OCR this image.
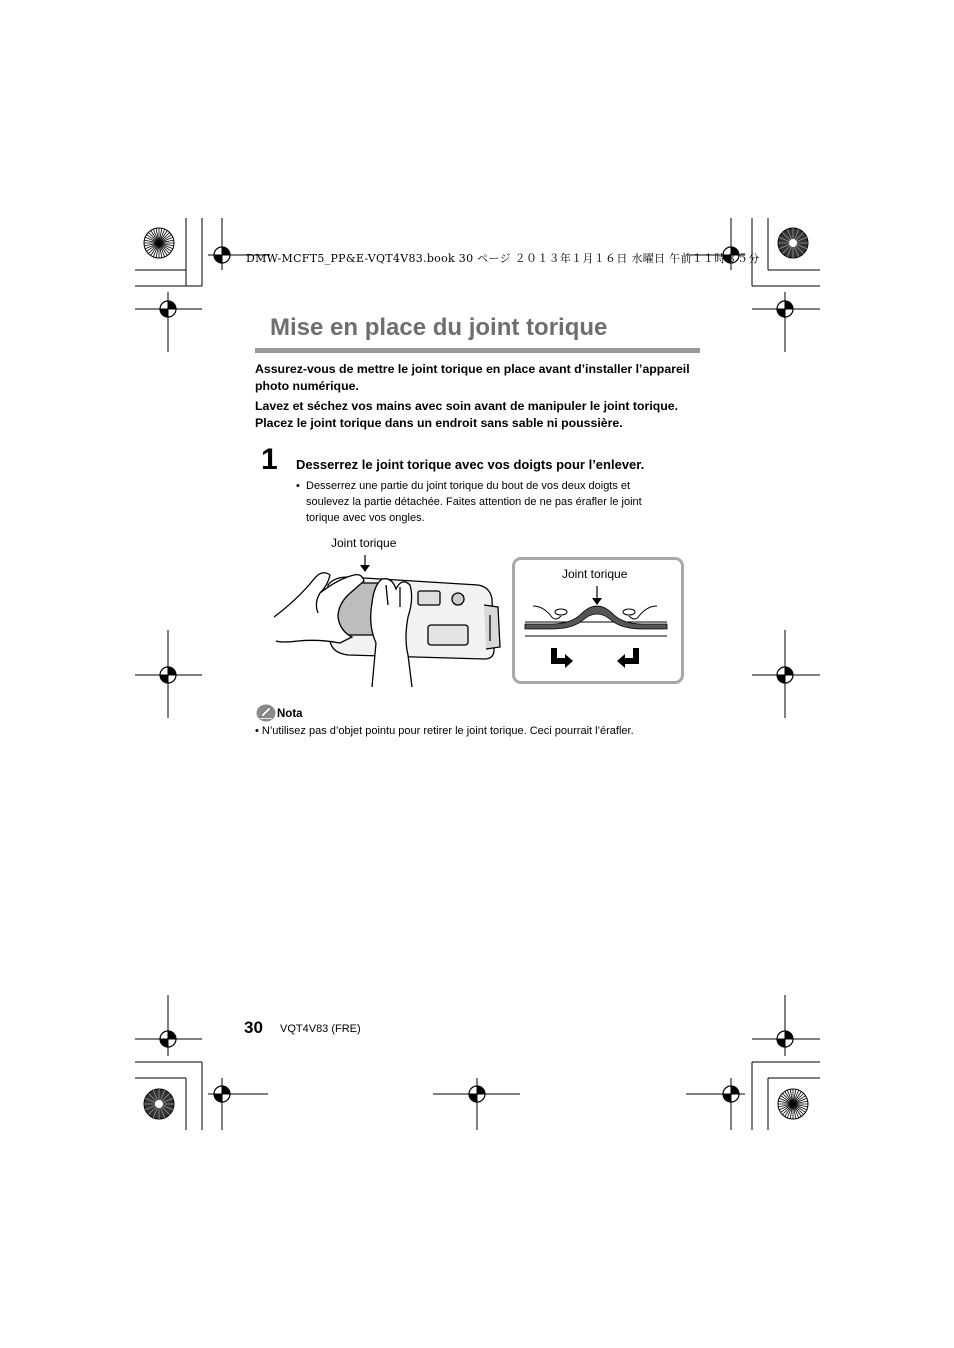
DMW-MCFT5_PP&E-VQT4V83.book 30 ページ ２０１３年１月１６日 水曜日 午前１１時３５分
Mise en place du joint torique

Assurez-vous de mettre le joint torique en place avant d’installer l’appareil photo numérique.

Lavez et séchez vos mains avec soin avant de manipuler le joint torique. Placez le joint torique dans un endroit sans sable ni poussière.

1 Desserrez le joint torique avec vos doigts pour l’enlever.
• Desserrez une partie du joint torique du bout de vos deux doigts et soulevez la partie détachée. Faites attention de ne pas érafler le joint torique avec vos ongles.
Joint torique
Joint torique
Nota
• N’utilisez pas d’objet pointu pour retirer le joint torique. Ceci pourrait l’érafler.
30 VQT4V83 (FRE)
